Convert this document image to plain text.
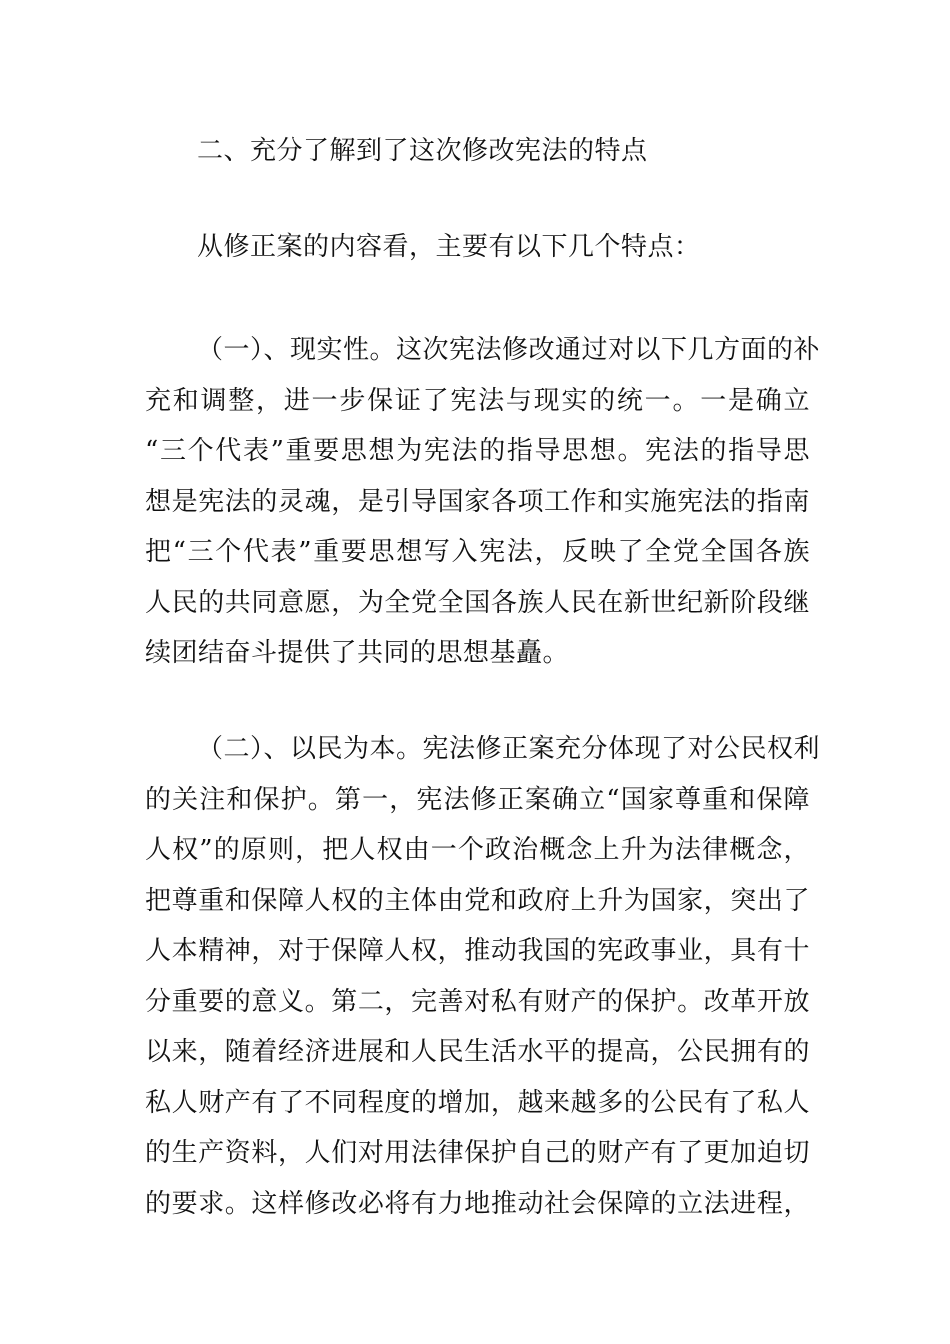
二、充分了解到了这次修改宪法的特点
从修正案的内容看，主要有以下几个特点：
（一）、现实性。这次宪法修改通过对以下几方面的补
充和调整，进一步保证了宪法与现实的统一。一是确立
“三个代表”重要思想为宪法的指导思想。宪法的指导思
想是宪法的灵魂，是引导国家各项工作和实施宪法的指南
把“三个代表”重要思想写入宪法，反映了全党全国各族
人民的共同意愿，为全党全国各族人民在新世纪新阶段继
续团结奋斗提供了共同的思想基矗。
（二）、以民为本。宪法修正案充分体现了对公民权利
的关注和保护。第一，宪法修正案确立“国家尊重和保障
人权”的原则，把人权由一个政治概念上升为法律概念，
把尊重和保障人权的主体由党和政府上升为国家，突出了
人本精神，对于保障人权，推动我国的宪政事业，具有十
分重要的意义。第二，完善对私有财产的保护。改革开放
以来，随着经济进展和人民生活水平的提高，公民拥有的
私人财产有了不同程度的增加，越来越多的公民有了私人
的生产资料，人们对用法律保护自己的财产有了更加迫切
的要求。这样修改必将有力地推动社会保障的立法进程，
